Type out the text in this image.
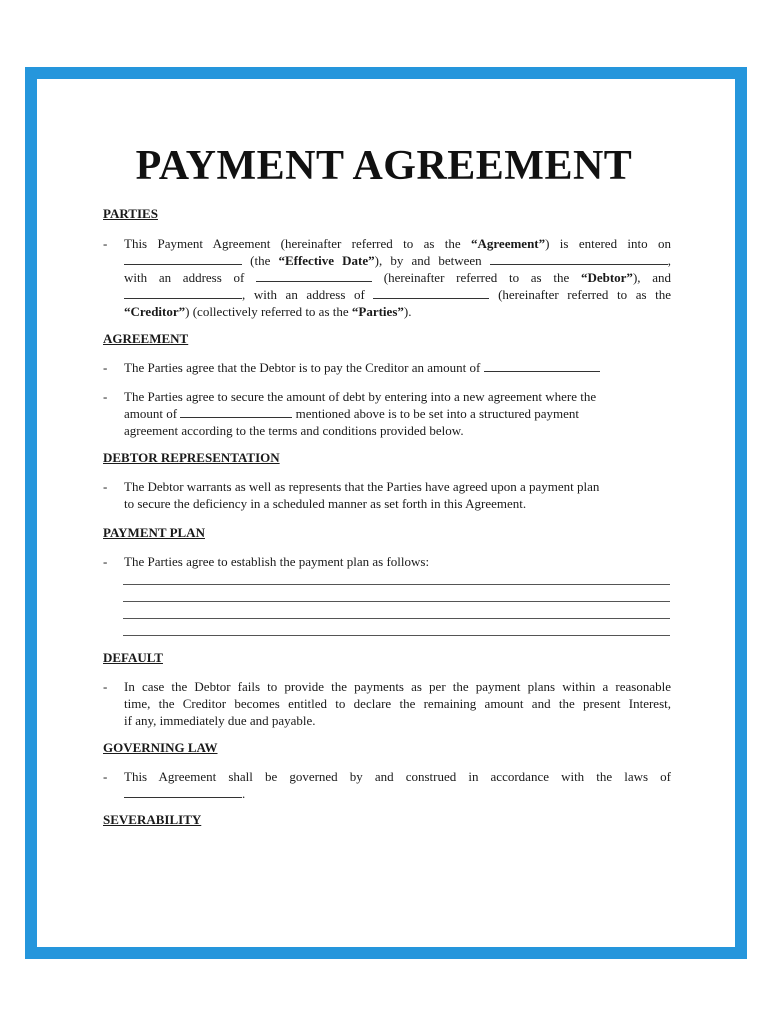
PAYMENT AGREEMENT

PARTIES

- This Payment Agreement (hereinafter referred to as the “Agreement”) is entered into on
(the “Effective Date”), by and between	,
with an address of	(hereinafter referred to as the “Debtor”), and
, with an address of	(hereinafter referred to as the
“Creditor”) (collectively referred to as the “Parties”).

AGREEMENT

- The Parties agree that the Debtor is to pay the Creditor an amount of
- The Parties agree to secure the amount of debt by entering into a new agreement where the
amount of	mentioned above is to be set into a structured payment
agreement according to the terms and conditions provided below.

DEBTOR REPRESENTATION

- The Debtor warrants as well as represents that the Parties have agreed upon a payment plan
to secure the deficiency in a scheduled manner as set forth in this Agreement.

PAYMENT PLAN

- The Parties agree to establish the payment plan as follows:

DEFAULT

- In case the Debtor fails to provide the payments as per the payment plans within a reasonable
time, the Creditor becomes entitled to declare the remaining amount and the present Interest,
if any, immediately due and payable.

GOVERNING LAW

- This Agreement shall be governed by and construed in accordance with the laws of
.

SEVERABILITY
